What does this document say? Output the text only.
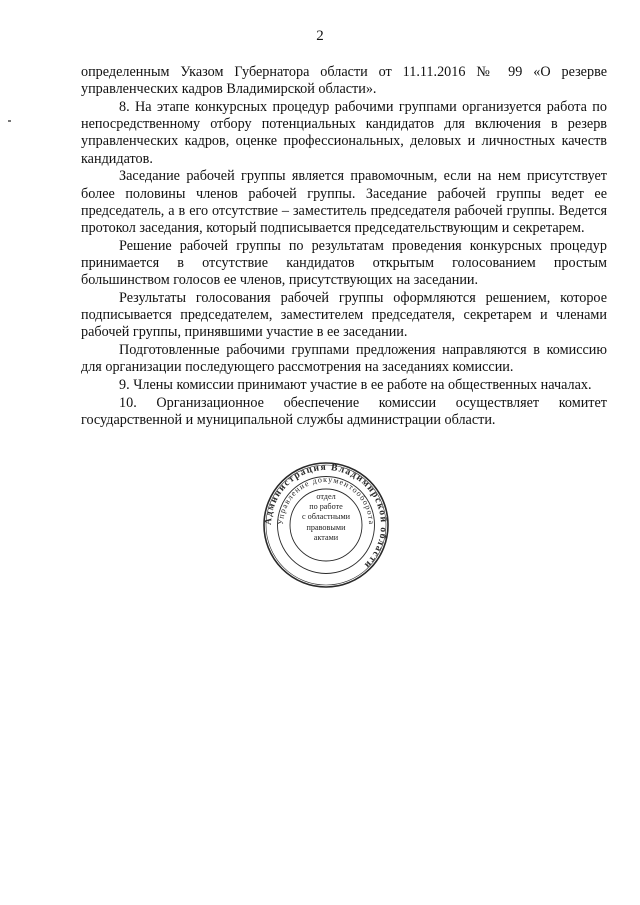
2

определенным Указом Губернатора области от 11.11.2016 № 99 «О резерве управленческих кадров Владимирской области».

8. На этапе конкурсных процедур рабочими группами организуется работа по непосредственному отбору потенциальных кандидатов для включения в резерв управленческих кадров, оценке профессиональных, деловых и личностных качеств кандидатов.

Заседание рабочей группы является правомочным, если на нем присутствует более половины членов рабочей группы. Заседание рабочей группы ведет ее председатель, а в его отсутствие – заместитель председателя рабочей группы. Ведется протокол заседания, который подписывается председательствующим и секретарем.

Решение рабочей группы по результатам проведения конкурсных процедур принимается в отсутствие кандидатов открытым голосованием простым большинством голосов ее членов, присутствующих на заседании.

Результаты голосования рабочей группы оформляются решением, которое подписывается председателем, заместителем председателя, секретарем и членами рабочей группы, принявшими участие в ее заседании.

Подготовленные рабочими группами предложения направляются в комиссию для организации последующего рассмотрения на заседаниях комиссии.

9. Члены комиссии принимают участие в ее работе на общественных началах.

10. Организационное обеспечение комиссии осуществляет комитет государственной и муниципальной службы администрации области.

Администрация Владимирской области
Управление документооборота
отдел
по работе
с областными
правовыми
актами
